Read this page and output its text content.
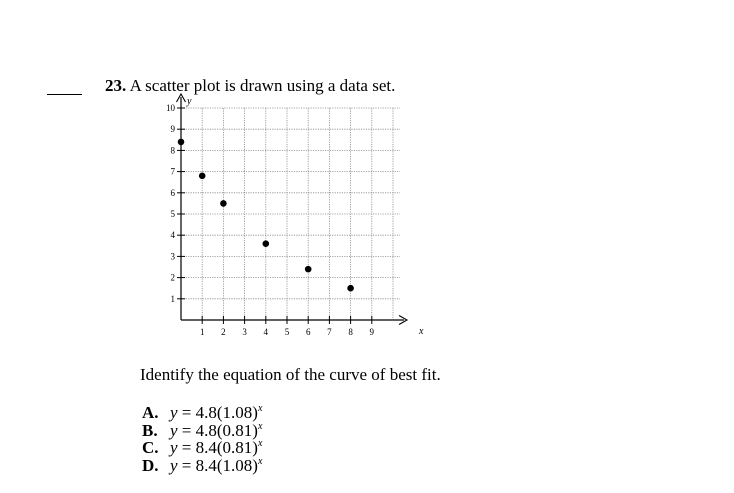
23. A scatter plot is drawn using a data set.
1 2 3 4 5 6 7 8 9
1
2
3
4
5
6
7
8
9
10
x
y
Identify the equation of the curve of best fit.
A. $y = 4.8(1.08)^x$
B. $y = 4.8(0.81)^x$
C. $y = 8.4(0.81)^x$
D. $y = 8.4(1.08)^x$
